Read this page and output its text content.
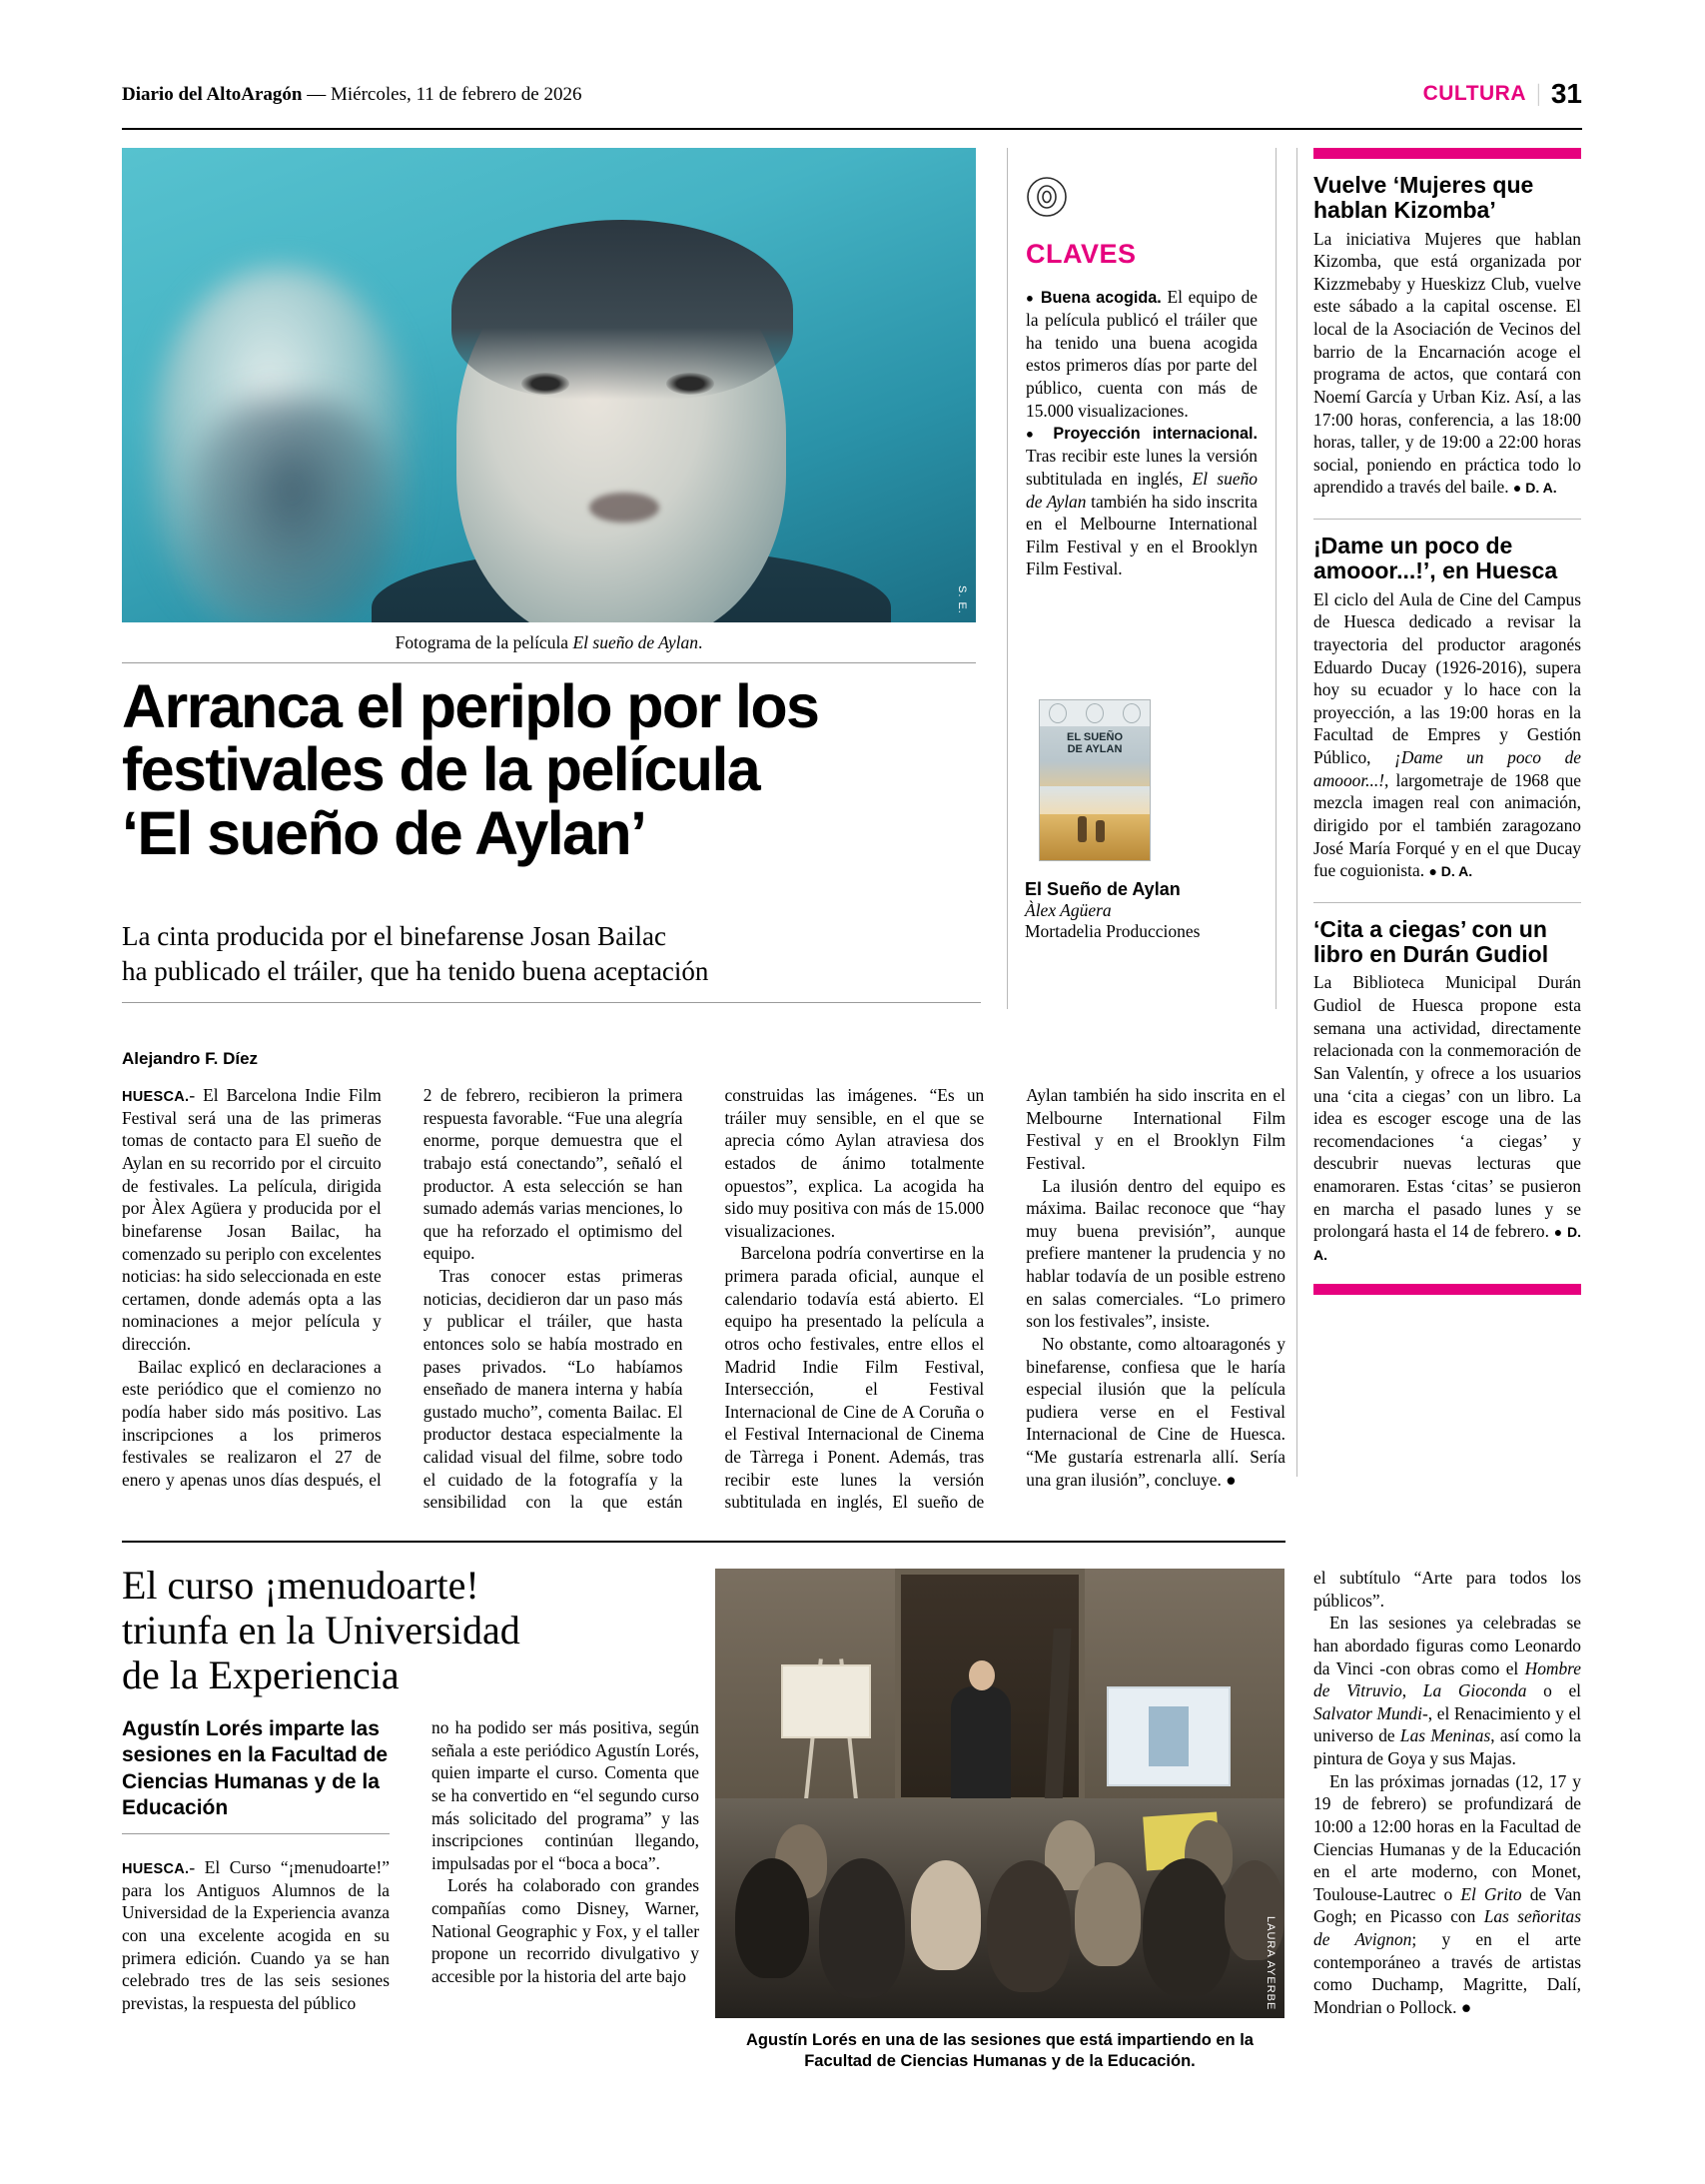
Diario del AltoAragón — Miércoles, 11 de febrero de 2026	CULTURA | 31
S. E.
Fotograma de la película El sueño de Aylan.
Arranca el periplo por los
festivales de la película
‘El sueño de Aylan’
La cinta producida por el binefarense Josan Bailac
ha publicado el tráiler, que ha tenido buena aceptación
Alejandro F. Díez

HUESCA.- El Barcelona Indie Film Festival será una de las primeras tomas de contacto para El sueño de Aylan en su recorrido por el circuito de festivales. La película, dirigida por Àlex Agüera y producida por el binefarense Josan Bailac, ha comenzado su periplo con excelentes noticias: ha sido seleccionada en este certamen, donde además opta a las nominaciones a mejor película y dirección.

Bailac explicó en declaraciones a este periódico que el comienzo no podía haber sido más positivo. Las inscripciones a los primeros festivales se realizaron el 27 de enero y apenas unos días después, el 2 de febrero, recibieron la primera respuesta favorable. “Fue una alegría enorme, porque demuestra que el trabajo está conectando”, señaló el productor. A esta selección se han sumado además varias menciones, lo que ha reforzado el optimismo del equipo.

Tras conocer estas primeras noticias, decidieron dar un paso más y publicar el tráiler, que hasta entonces solo se había mostrado en pases privados. “Lo habíamos enseñado de manera interna y había gustado mucho”, comenta Bailac. El productor destaca especialmente la calidad visual del filme, sobre todo el cuidado de la fotografía y la sensibilidad con la que están construidas las imágenes. “Es un tráiler muy sensible, en el que se aprecia cómo Aylan atraviesa dos estados de ánimo totalmente opuestos”, explica. La acogida ha sido muy positiva con más de 15.000 visualizaciones.

Barcelona podría convertirse en la primera parada oficial, aunque el calendario todavía está abierto. El equipo ha presentado la película a otros ocho festivales, entre ellos el Madrid Indie Film Festival, Intersección, el Festival Internacional de Cine de A Coruña o el Festival Internacional de Cinema de Tàrrega i Ponent. Además, tras recibir este lunes la versión subtitulada en inglés, El sueño de Aylan también ha sido inscrita en el Melbourne International Film Festival y en el Brooklyn Film Festival.

La ilusión dentro del equipo es máxima. Bailac reconoce que “hay muy buena previsión”, aunque prefiere mantener la prudencia y no hablar todavía de un posible estreno en salas comerciales. “Lo primero son los festivales”, insiste.

No obstante, como altoaragonés y binefarense, confiesa que le haría especial ilusión que la película pudiera verse en el Festival Internacional de Cine de Huesca. “Me gustaría estrenarla allí. Sería una gran ilusión”, concluye. ●

CLAVES

● Buena acogida. El equipo de la película publicó el tráiler que ha tenido una buena acogida estos primeros días por parte del público, cuenta con más de 15.000 visualizaciones.

● Proyección internacional. Tras recibir este lunes la versión subtitulada en inglés, El sueño de Aylan también ha sido inscrita en el Melbourne International Film Festival y en el Brooklyn Film Festival.

EL SUEÑO
DE AYLAN
El Sueño de Aylan
Àlex Agüera
Mortadelia Producciones
Vuelve ‘Mujeres que hablan Kizomba’

La iniciativa Mujeres que hablan Kizomba, que está organizada por Kizzmebaby y Hueskizz Club, vuelve este sábado a la capital oscense. El local de la Asociación de Vecinos del barrio de la Encarnación acoge el programa de actos, que contará con Noemí García y Urban Kiz. Así, a las 17:00 horas, conferencia, a las 18:00 horas, taller, y de 19:00 a 22:00 horas social, poniendo en práctica todo lo aprendido a través del baile. ● D. A.

¡Dame un poco de amooor...!’, en Huesca

El ciclo del Aula de Cine del Campus de Huesca dedicado a revisar la trayectoria del productor aragonés Eduardo Ducay (1926-2016), supera hoy su ecuador y lo hace con la proyección, a las 19:00 horas en la Facultad de Empres y Gestión Público, ¡Dame un poco de amooor...!, largometraje de 1968 que mezcla imagen real con animación, dirigido por el también zaragozano José María Forqué y en el que Ducay fue coguionista. ● D. A.

‘Cita a ciegas’ con un libro en Durán Gudiol

La Biblioteca Municipal Durán Gudiol de Huesca propone esta semana una actividad, directamente relacionada con la conmemoración de San Valentín, y ofrece a los usuarios una ‘cita a ciegas’ con un libro. La idea es escoger escoge una de las recomendaciones ‘a ciegas’ y descubrir nuevas lecturas que enamoraren. Estas ‘citas’ se pusieron en marcha el pasado lunes y se prolongará hasta el 14 de febrero. ● D. A.

El curso ¡menudoarte!
triunfa en la Universidad
de la Experiencia
Agustín Lorés imparte las sesiones en la Facultad de Ciencias Humanas y de la Educación

HUESCA.- El Curso “¡menudoarte!” para los Antiguos Alumnos de la Universidad de la Experiencia avanza con una excelente acogida en su primera edición. Cuando ya se han celebrado tres de las seis sesiones previstas, la respuesta del público

no ha podido ser más positiva, según señala a este periódico Agustín Lorés, quien imparte el curso. Comenta que se ha convertido en “el segundo curso más solicitado del programa” y las inscripciones continúan llegando, impulsadas por el “boca a boca”.

Lorés ha colaborado con grandes compañías como Disney, Warner, National Geographic y Fox, y el taller propone un recorrido divulgativo y accesible por la historia del arte bajo	LAURA AYERBE
Agustín Lorés en una de las sesiones que está impartiendo en la Facultad de Ciencias Humanas y de la Educación.

el subtítulo “Arte para todos los públicos”.

En las sesiones ya celebradas se han abordado figuras como Leonardo da Vinci -con obras como el Hombre de Vitruvio, La Gioconda o el Salvator Mundi-, el Renacimiento y el universo de Las Meninas, así como la pintura de Goya y sus Majas.

En las próximas jornadas (12, 17 y 19 de febrero) se profundizará de 10:00 a 12:00 horas en la Facultad de Ciencias Humanas y de la Educación en el arte moderno, con Monet, Toulouse-Lautrec o El Grito de Van Gogh; en Picasso con Las señoritas de Avignon; y en el arte contemporáneo a través de artistas como Duchamp, Magritte, Dalí, Mondrian o Pollock. ●
